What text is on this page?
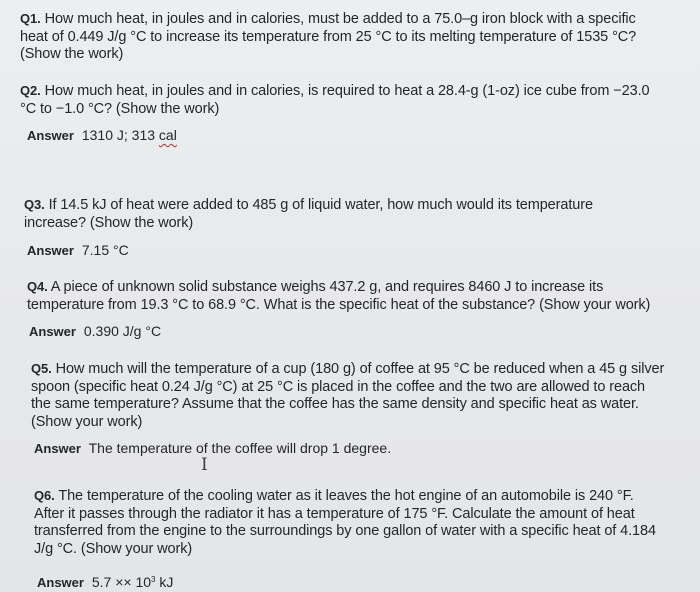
Q1. How much heat, in joules and in calories, must be added to a 75.0–g iron block with a specific
heat of 0.449 J/g °C to increase its temperature from 25 °C to its melting temperature of 1535 °C?
(Show the work)

Q2. How much heat, in joules and in calories, is required to heat a 28.4-g (1-oz) ice cube from −23.0
°C to −1.0 °C? (Show the work)

Answer 1310 J; 313 cal

Q3. If 14.5 kJ of heat were added to 485 g of liquid water, how much would its temperature
increase? (Show the work)

Answer 7.15 °C

Q4. A piece of unknown solid substance weighs 437.2 g, and requires 8460 J to increase its
temperature from 19.3 °C to 68.9 °C. What is the specific heat of the substance? (Show your work)

Answer 0.390 J/g °C

Q5. How much will the temperature of a cup (180 g) of coffee at 95 °C be reduced when a 45 g silver
spoon (specific heat 0.24 J/g °C) at 25 °C is placed in the coffee and the two are allowed to reach
the same temperature? Assume that the coffee has the same density and specific heat as water.
(Show your work)

Answer The temperature of the coffee will drop 1 degree.

I

Q6. The temperature of the cooling water as it leaves the hot engine of an automobile is 240 °F.
After it passes through the radiator it has a temperature of 175 °F. Calculate the amount of heat
transferred from the engine to the surroundings by one gallon of water with a specific heat of 4.184
J/g °C. (Show your work)

Answer $5.7 \times\times 10^3$ kJ
